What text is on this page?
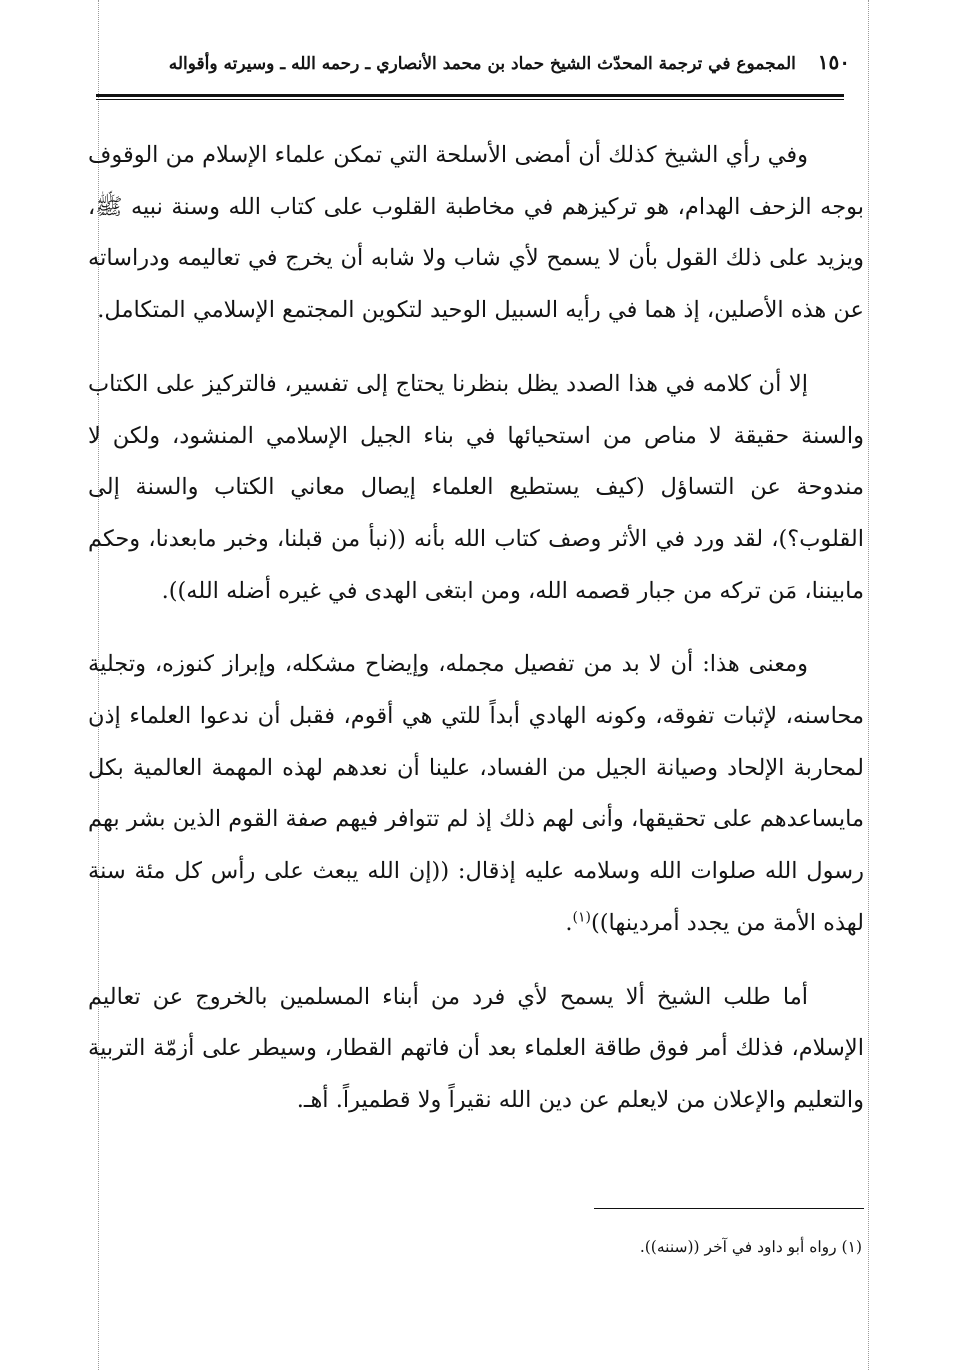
١٥٠ المجموع في ترجمة المحدّث الشيخ حماد بن محمد الأنصاري ـ رحمه الله ـ وسيرته وأقواله

وفي رأي الشيخ كذلك أن أمضى الأسلحة التي تمكن علماء الإسلام من الوقوف بوجه الزحف الهدام، هو تركيزهم في مخاطبة القلوب على كتاب الله وسنة نبيه ﷺ، ويزيد على ذلك القول بأن لا يسمح لأي شاب ولا شابه أن يخرج في تعاليمه ودراساته عن هذه الأصلين، إذ هما في رأيه السبيل الوحيد لتكوين المجتمع الإسلامي المتكامل.

إلا أن كلامه في هذا الصدد يظل بنظرنا يحتاج إلى تفسير، فالتركيز على الكتاب والسنة حقيقة لا مناص من استحيائها في بناء الجيل الإسلامي المنشود، ولكن لا مندوحة عن التساؤل (كيف يستطيع العلماء إيصال معاني الكتاب والسنة إلى القلوب؟)، لقد ورد في الأثر وصف كتاب الله بأنه ((نبأ من قبلنا، وخبر مابعدنا، وحكم مابيننا، مَن تركه من جبار قصمه الله، ومن ابتغى الهدى في غيره أضله الله)).

ومعنى هذا: أن لا بد من تفصيل مجمله، وإيضاح مشكله، وإبراز كنوزه، وتجلية محاسنه، لإثبات تفوقه، وكونه الهادي أبداً للتي هي أقوم، فقبل أن ندعوا العلماء إذن لمحاربة الإلحاد وصيانة الجيل من الفساد، علينا أن نعدهم لهذه المهمة العالمية بكل مايساعدهم على تحقيقها، وأنى لهم ذلك إذ لم تتوافر فيهم صفة القوم الذين بشر بهم رسول الله صلوات الله وسلامه عليه إذقال: ((إن الله يبعث على رأس كل مئة سنة لهذه الأمة من يجدد أمردينها))$^{(١)}$.

أما طلب الشيخ ألا يسمح لأي فرد من أبناء المسلمين بالخروج عن تعاليم الإسلام، فذلك أمر فوق طاقة العلماء بعد أن فاتهم القطار، وسيطر على أزمّة التربية والتعليم والإعلان من لايعلم عن دين الله نقيراً ولا قطميراً. أهـ.

(١) رواه أبو داود في آخر ((سننه)).
